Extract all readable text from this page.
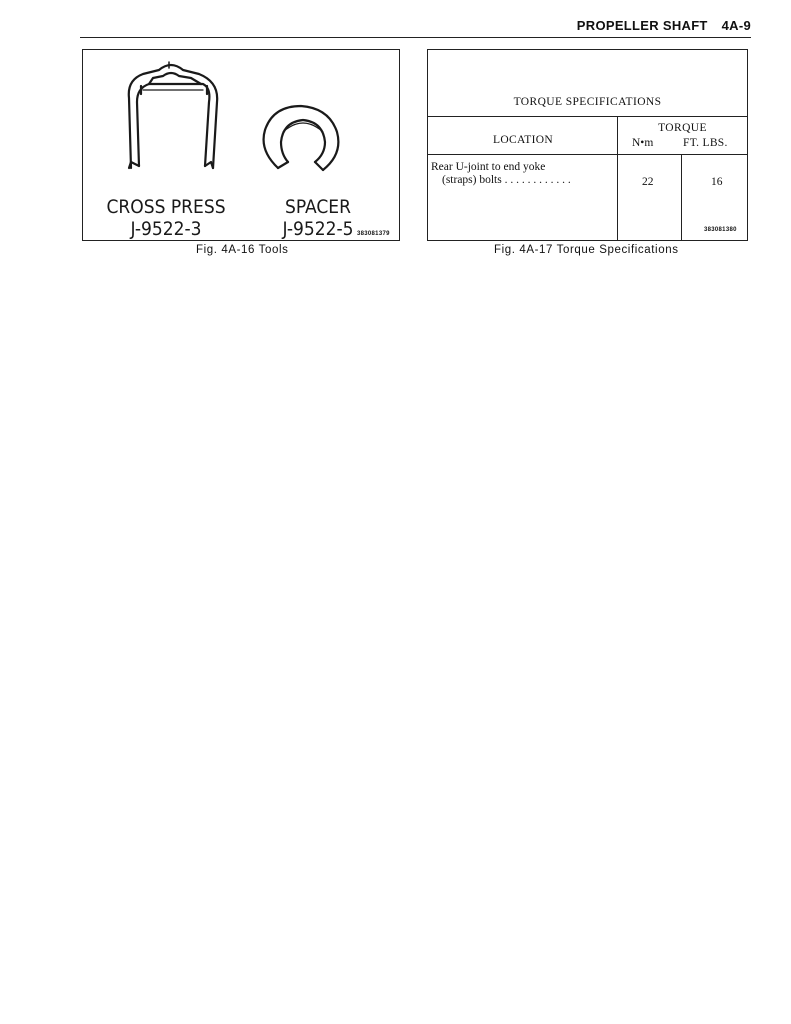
PROPELLER SHAFT 4A-9
CROSS PRESS
J-9522-3
SPACER
J-9522-5 383081379
Fig. 4A-16 Tools
TORQUE SPECIFICATIONS
LOCATION
TORQUE
N•m	FT. LBS.
Rear U-joint to end yoke
(straps) bolts . . . . . . . . . . . .	22	16
383081380
Fig. 4A-17 Torque Specifications
